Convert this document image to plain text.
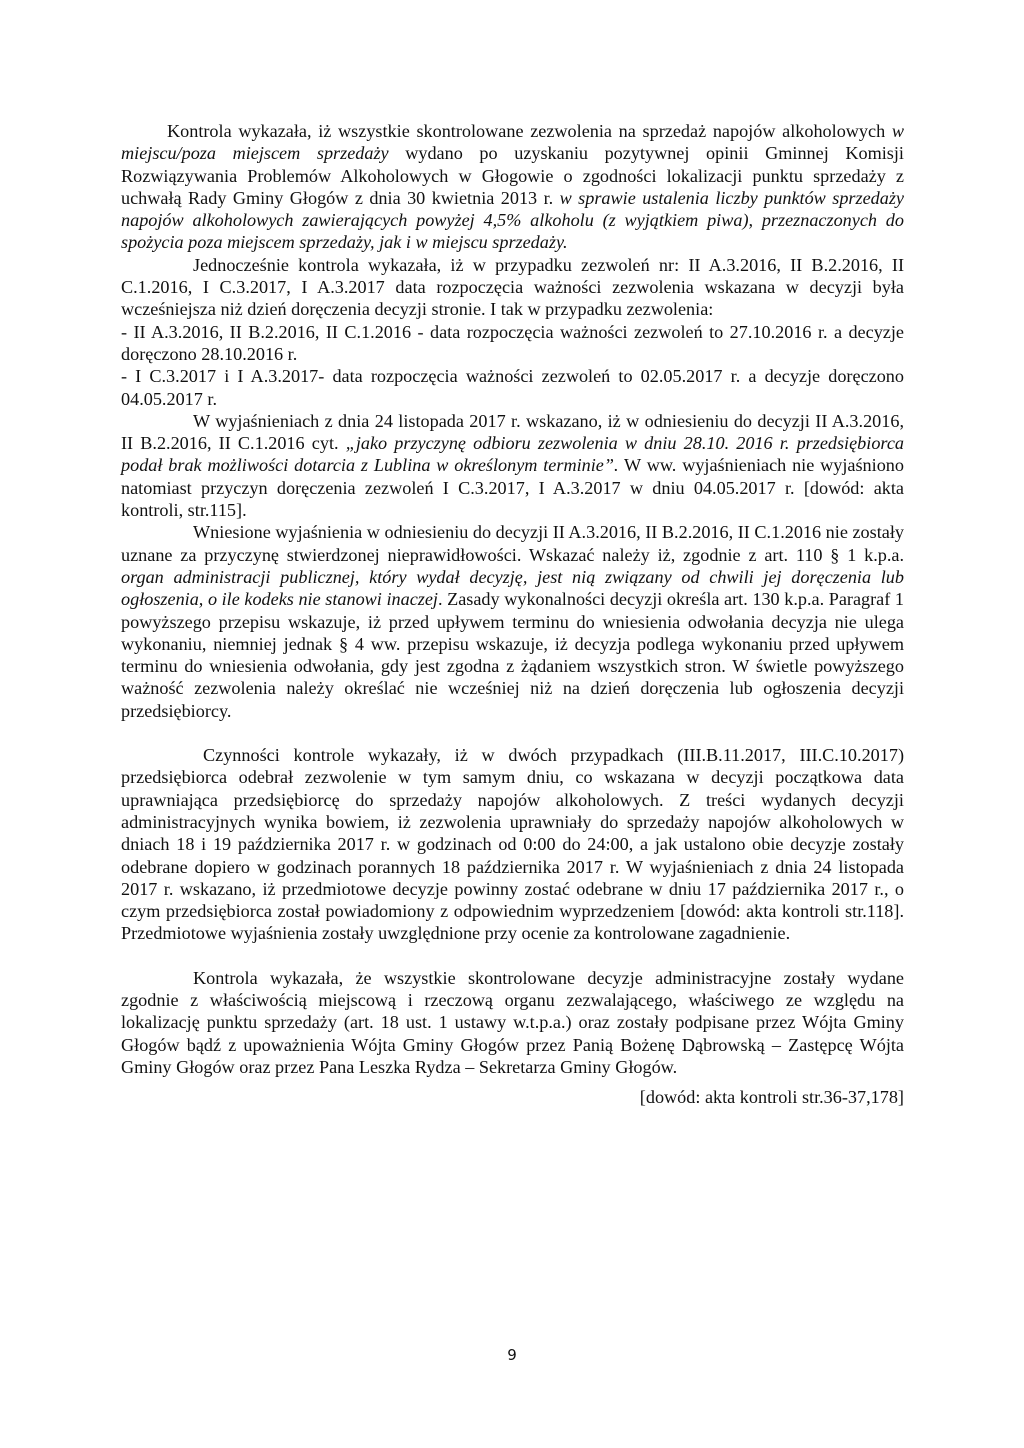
Kontrola wykazała, iż wszystkie skontrolowane zezwolenia na sprzedaż napojów alkoholowych w miejscu/poza miejscem sprzedaży wydano po uzyskaniu pozytywnej opinii Gminnej Komisji Rozwiązywania Problemów Alkoholowych w Głogowie o zgodności lokalizacji punktu sprzedaży z uchwałą Rady Gminy Głogów z dnia 30 kwietnia 2013 r. w sprawie ustalenia liczby punktów sprzedaży napojów alkoholowych zawierających powyżej 4,5% alkoholu (z wyjątkiem piwa), przeznaczonych do spożycia poza miejscem sprzedaży, jak i w miejscu sprzedaży.

Jednocześnie kontrola wykazała, iż w przypadku zezwoleń nr: II A.3.2016, II B.2.2016, II C.1.2016, I C.3.2017, I A.3.2017 data rozpoczęcia ważności zezwolenia wskazana w decyzji była wcześniejsza niż dzień doręczenia decyzji stronie. I tak w przypadku zezwolenia:

- II A.3.2016, II B.2.2016, II C.1.2016 - data rozpoczęcia ważności zezwoleń to 27.10.2016 r. a decyzje doręczono 28.10.2016 r.

- I C.3.2017 i I A.3.2017- data rozpoczęcia ważności zezwoleń to 02.05.2017 r. a decyzje doręczono 04.05.2017 r.

W wyjaśnieniach z dnia 24 listopada 2017 r. wskazano, iż w odniesieniu do decyzji II A.3.2016, II B.2.2016, II C.1.2016 cyt. „jako przyczynę odbioru zezwolenia w dniu 28.10. 2016 r. przedsiębiorca podał brak możliwości dotarcia z Lublina w określonym terminie”. W ww. wyjaśnieniach nie wyjaśniono natomiast przyczyn doręczenia zezwoleń I C.3.2017, I A.3.2017 w dniu 04.05.2017 r. [dowód: akta kontroli, str.115].

Wniesione wyjaśnienia w odniesieniu do decyzji II A.3.2016, II B.2.2016, II C.1.2016 nie zostały uznane za przyczynę stwierdzonej nieprawidłowości. Wskazać należy iż, zgodnie z art. 110 § 1 k.p.a. organ administracji publicznej, który wydał decyzję, jest nią związany od chwili jej doręczenia lub ogłoszenia, o ile kodeks nie stanowi inaczej. Zasady wykonalności decyzji określa art. 130 k.p.a. Paragraf 1 powyższego przepisu wskazuje, iż przed upływem terminu do wniesienia odwołania decyzja nie ulega wykonaniu, niemniej jednak § 4 ww. przepisu wskazuje, iż decyzja podlega wykonaniu przed upływem terminu do wniesienia odwołania, gdy jest zgodna z żądaniem wszystkich stron. W świetle powyższego ważność zezwolenia należy określać nie wcześniej niż na dzień doręczenia lub ogłoszenia decyzji przedsiębiorcy.

Czynności kontrole wykazały, iż w dwóch przypadkach (III.B.11.2017, III.C.10.2017) przedsiębiorca odebrał zezwolenie w tym samym dniu, co wskazana w decyzji początkowa data uprawniająca przedsiębiorcę do sprzedaży napojów alkoholowych. Z treści wydanych decyzji administracyjnych wynika bowiem, iż zezwolenia uprawniały do sprzedaży napojów alkoholowych w dniach 18 i 19 października 2017 r. w godzinach od 0:00 do 24:00, a jak ustalono obie decyzje zostały odebrane dopiero w godzinach porannych 18 października 2017 r. W wyjaśnieniach z dnia 24 listopada 2017 r. wskazano, iż przedmiotowe decyzje powinny zostać odebrane w dniu 17 października 2017 r., o czym przedsiębiorca został powiadomiony z odpowiednim wyprzedzeniem [dowód: akta kontroli str.118]. Przedmiotowe wyjaśnienia zostały uwzględnione przy ocenie za kontrolowane zagadnienie.

Kontrola wykazała, że wszystkie skontrolowane decyzje administracyjne zostały wydane zgodnie z właściwością miejscową i rzeczową organu zezwalającego, właściwego ze względu na lokalizację punktu sprzedaży (art. 18 ust. 1 ustawy w.t.p.a.) oraz zostały podpisane przez Wójta Gminy Głogów bądź z upoważnienia Wójta Gminy Głogów przez Panią Bożenę Dąbrowską – Zastępcę Wójta Gminy Głogów oraz przez Pana Leszka Rydza – Sekretarza Gminy Głogów.

[dowód: akta kontroli str.36-37,178]

9
